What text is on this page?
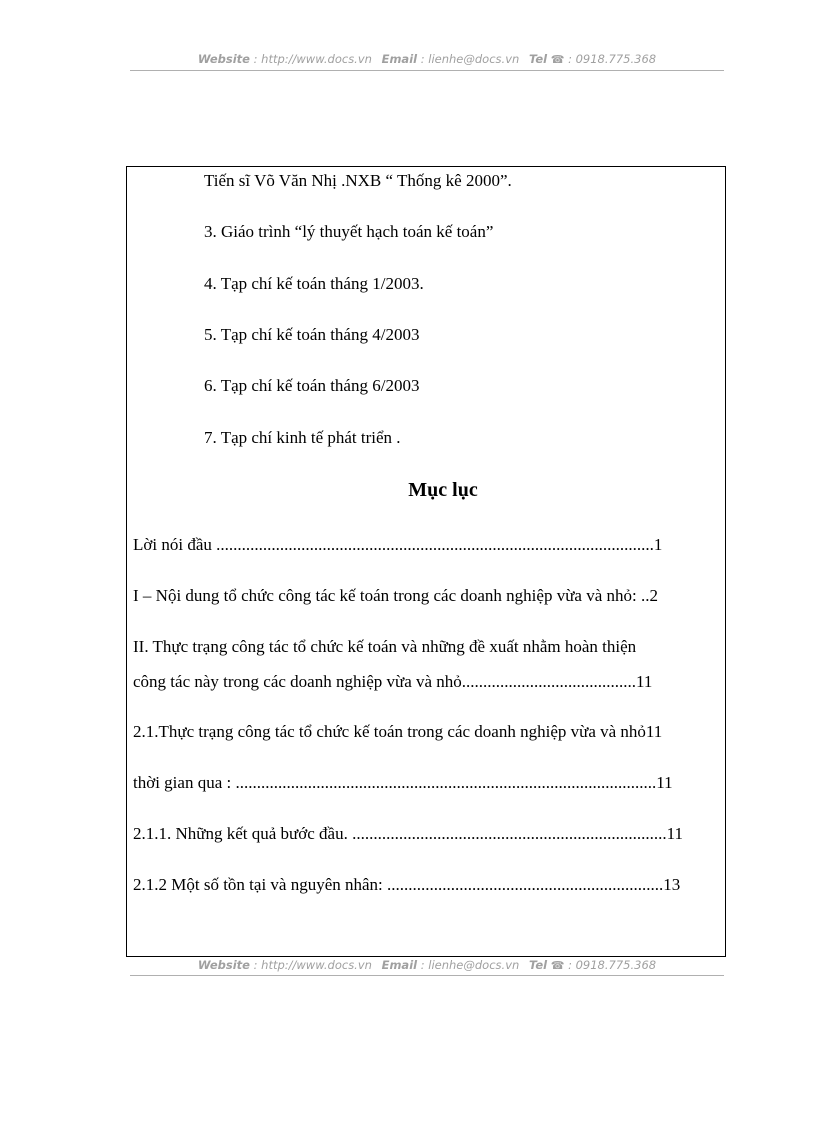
Website : http://www.docs.vn Email : lienhe@docs.vn Tel ☎ : 0918.775.368
Tiến sĩ Võ Văn Nhị .NXB “ Thống kê 2000”.
3. Giáo trình “lý thuyết hạch toán kế toán”
4. Tạp chí kế toán tháng 1/2003.
5. Tạp chí kế toán tháng 4/2003
6. Tạp chí kế toán tháng 6/2003
7. Tạp chí kinh tế phát triển .
Mục lục
Lời nói đầu .......................................................................................................1
I – Nội dung tổ chức công tác kế toán trong các doanh nghiệp vừa và nhỏ: ..2
II. Thực trạng công tác tổ chức kế toán và những đề xuất nhằm hoàn thiện
công tác này trong các doanh nghiệp vừa và nhỏ.........................................11
2.1.Thực trạng công tác tổ chức kế toán trong các doanh nghiệp vừa và nhỏ11
thời gian qua : ...................................................................................................11
2.1.1. Những kết quả bước đầu. ..........................................................................11
2.1.2 Một số tồn tại và nguyên nhân: .................................................................13
Website : http://www.docs.vn Email : lienhe@docs.vn Tel ☎ : 0918.775.368
